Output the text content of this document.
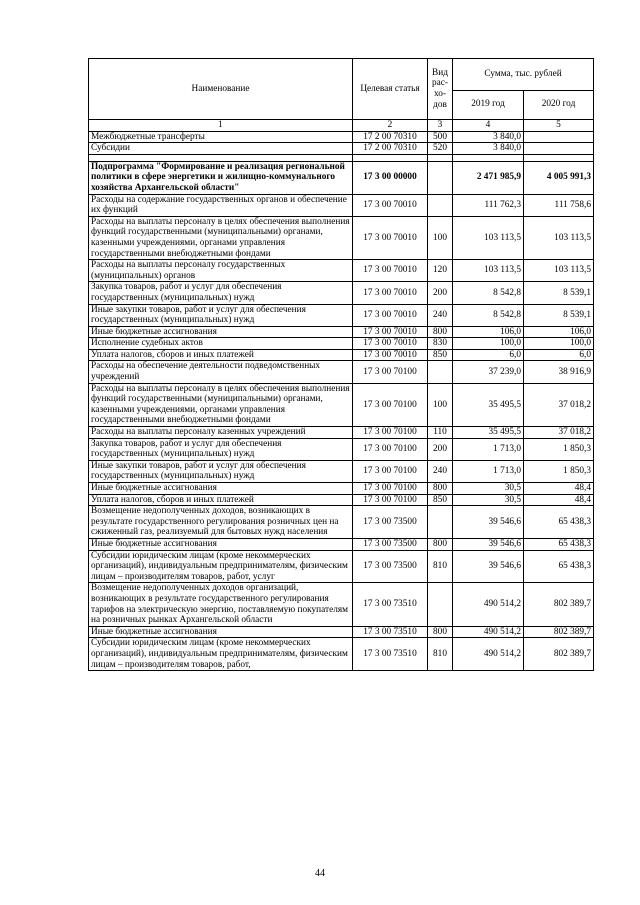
Наименование	Целевая статья	Вид рас-хо-дов	Сумма, тыс. рублей	
			2019 год	2020 год
1	2	3	4	5
Межбюджетные трансферты	17 2 00 70310	500	3 840,0	
Субсидии	17 2 00 70310	520	3 840,0	

Подпрограмма "Формирование и реализация региональной политики в сфере энергетики и жилищно-коммунального хозяйства Архангельской области"	17 3 00 00000		2 471 985,9	4 005 991,3
Расходы на содержание государственных органов и обеспечение их функций	17 3 00 70010		111 762,3	111 758,6
Расходы на выплаты персоналу в целях обеспечения выполнения функций государственными (муниципальными) органами, казенными учреждениями, органами управления государственными внебюджетными фондами	17 3 00 70010	100	103 113,5	103 113,5
Расходы на выплаты персоналу государственных (муниципальных) органов	17 3 00 70010	120	103 113,5	103 113,5
Закупка товаров, работ и услуг для обеспечения государственных (муниципальных) нужд	17 3 00 70010	200	8 542,8	8 539,1
Иные закупки товаров, работ и услуг для обеспечения государственных (муниципальных) нужд	17 3 00 70010	240	8 542,8	8 539,1
Иные бюджетные ассигнования	17 3 00 70010	800	106,0	106,0
Исполнение судебных актов	17 3 00 70010	830	100,0	100,0
Уплата налогов, сборов и иных платежей	17 3 00 70010	850	6,0	6,0
Расходы на обеспечение деятельности подведомственных учреждений	17 3 00 70100		37 239,0	38 916,9
Расходы на выплаты персоналу в целях обеспечения выполнения функций государственными (муниципальными) органами, казенными учреждениями, органами управления государственными внебюджетными фондами	17 3 00 70100	100	35 495,5	37 018,2
Расходы на выплаты персоналу казенных учреждений	17 3 00 70100	110	35 495,5	37 018,2
Закупка товаров, работ и услуг для обеспечения государственных (муниципальных) нужд	17 3 00 70100	200	1 713,0	1 850,3
Иные закупки товаров, работ и услуг для обеспечения государственных (муниципальных) нужд	17 3 00 70100	240	1 713,0	1 850,3
Иные бюджетные ассигнования	17 3 00 70100	800	30,5	48,4
Уплата налогов, сборов и иных платежей	17 3 00 70100	850	30,5	48,4
Возмещение недополученных доходов, возникающих в результате государственного регулирования розничных цен на сжиженный газ, реализуемый для бытовых нужд населения	17 3 00 73500		39 546,6	65 438,3
Иные бюджетные ассигнования	17 3 00 73500	800	39 546,6	65 438,3
Субсидии юридическим лицам (кроме некоммерческих организаций), индивидуальным предпринимателям, физическим лицам – производителям товаров, работ, услуг	17 3 00 73500	810	39 546,6	65 438,3
Возмещение недополученных доходов организаций, возникающих в результате государственного регулирования тарифов на электрическую энергию, поставляемую покупателям на розничных рынках Архангельской области	17 3 00 73510		490 514,2	802 389,7
Иные бюджетные ассигнования	17 3 00 73510	800	490 514,2	802 389,7
Субсидии юридическим лицам (кроме некоммерческих организаций), индивидуальным предпринимателям, физическим лицам – производителям товаров, работ,	17 3 00 73510	810	490 514,2	802 389,7
44
